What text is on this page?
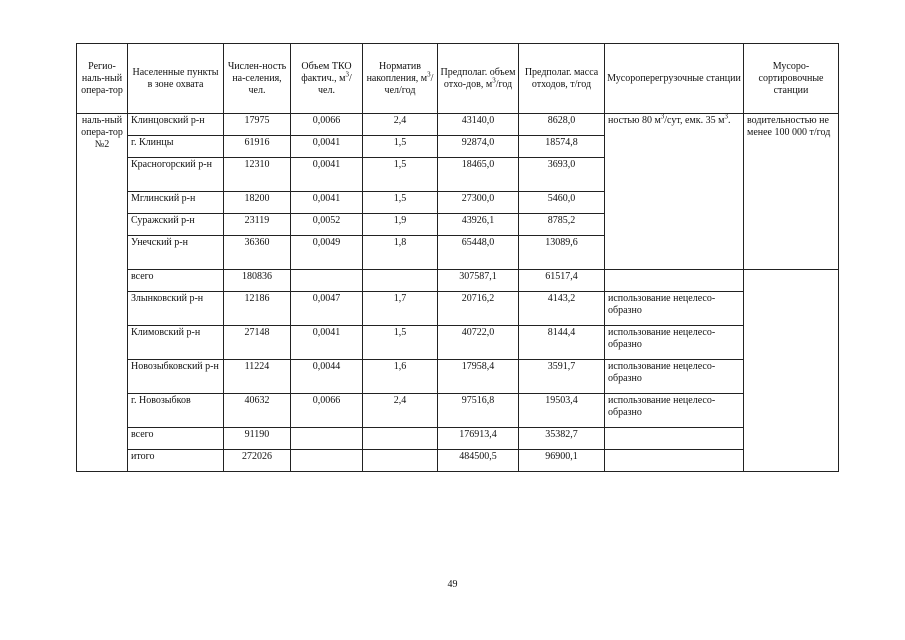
Регио-наль-ный опера-тор	Населенные пункты в зоне охвата	Числен-ность на-селения, чел.	Объем ТКО фактич., $м^3$/чел.	Норматив накопления, $м^3/чел$/год	Предполаг. объем отхо-дов, $м^3$/год	Предполаг. масса отходов, т/год	Мусороперегрузочные станции	Мусоро-сортировочные станции
наль-ный опера-тор №2	Клинцовский р-н	17975	0,0066	2,4	43140,0	8628,0	ностью 80 $м^3$/сут, емк. 35 $м^3$.	водительностью не менее 100 000 т/год
	г. Клинцы	61916	0,0041	1,5	92874,0	18574,8		
	Красногорский р-н	12310	0,0041	1,5	18465,0	3693,0		
	Мглинский р-н	18200	0,0041	1,5	27300,0	5460,0		
	Суражский р-н	23119	0,0052	1,9	43926,1	8785,2		
	Унечский р-н	36360	0,0049	1,8	65448,0	13089,6		
	всего	180836			307587,1	61517,4		
	Злынковский р-н	12186	0,0047	1,7	20716,2	4143,2	использование нецелесо-образно	
	Климовский р-н	27148	0,0041	1,5	40722,0	8144,4	использование нецелесо-образно	
	Новозыбковский р-н	11224	0,0044	1,6	17958,4	3591,7	использование нецелесо-образно	
	г. Новозыбков	40632	0,0066	2,4	97516,8	19503,4	использование нецелесо-образно	
	всего	91190			176913,4	35382,7		
	итого	272026			484500,5	96900,1		
49
